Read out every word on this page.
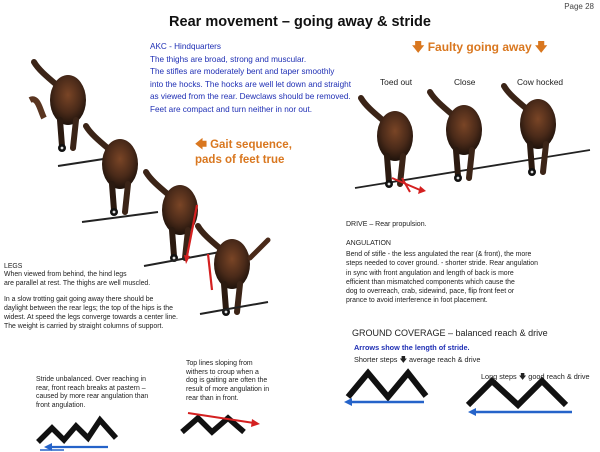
Page 28
Rear movement – going away & stride
AKC - Hindquarters
The thighs are broad, strong and muscular.
The stifles are moderately bent and taper smoothly
into the hocks. The hocks are well let down and straight
as viewed from the rear. Dewclaws should be removed.
Feet are compact and turn neither in nor out.
🡇 Faulty going away 🡇
Toed out	Close	Cow hocked
🡄 Gait sequence,
pads of feet true
DRIVE – Rear propulsion.
ANGULATION
Bend of stifle - the less angulated the rear (& front), the more
steps needed to cover ground. - shorter stride. Rear angulation
in sync with front angulation and length of back is more
efficient than mismatched components which cause the
dog to overreach, crab, sidewind, pace, flip front feet or
prance to avoid interference in foot placement.
LEGS
When viewed from behind, the hind legs
are parallel at rest. The thighs are well muscled.
In a slow trotting gait going away there should be
daylight between the rear legs; the top of the hips is the
widest. At speed the legs converge towards a center line.
The weight is carried by straight columns of support.
GROUND COVERAGE – balanced reach & drive
Arrows show the length of stride.
Shorter steps 🡇 average reach & drive
Long steps 🡇 good reach & drive
Stride unbalanced. Over reaching in
rear, front reach breaks at pastern –
caused by more rear angulation than
front angulation.
Top lines sloping from
withers to croup when a
dog is gaiting are often the
result of more angulation in
rear than in front.
